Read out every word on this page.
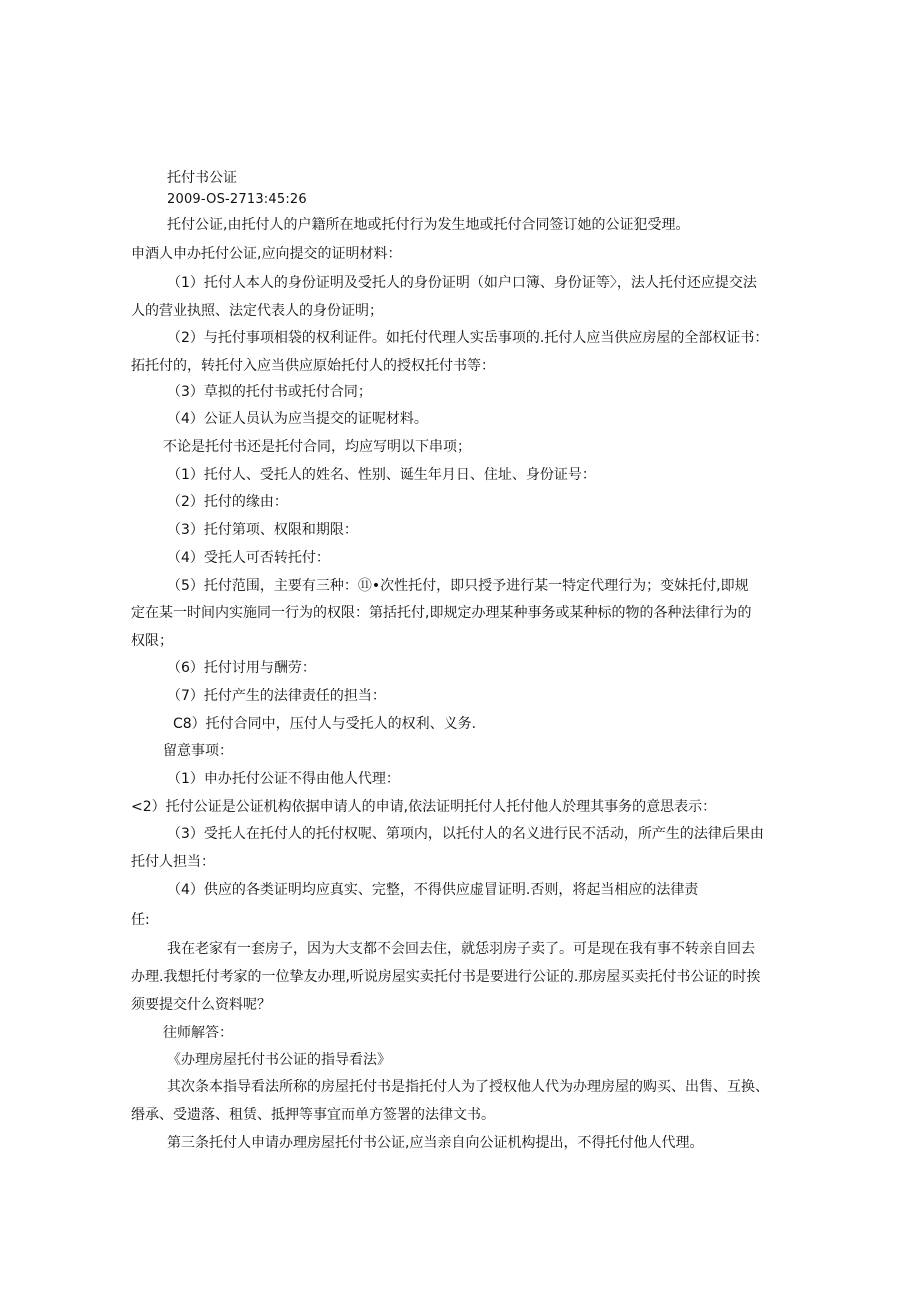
托付书公证
2009-OS-2713:45:26
托付公证,由托付人的户籍所在地或托付行为发生地或托付合同签订她的公证犯受理。
申酒人申办托付公证,应向提交的证明材料：
（1）托付人本人的身份证明及受托人的身份证明（如户口簿、身份证等〉，法人托付还应提交法
人的营业执照、法定代表人的身份证明；
（2）与托付事项相袋的权利证件。如托付代理人实岳事项的.托付人应当供应房屋的全部权证书：
拓托付的，转托付入应当供应原始托付人的授权托付书等：
（3）草拟的托付书或托付合同；
（4）公证人员认为应当提交的证呢材料。
不论是托付书还是托付合同，均应写明以下串项；
（1）托付人、受托人的姓名、性别、诞生年月日、住址、身份证号：
（2）托付的缘由：
（3）托付第项、权限和期限：
（4）受托人可否转托付：
（5）托付范围，主要有三种：⑪•次性托付，即只授予进行某一特定代理行为；变妹托付,即规
定在某一时间内实施同一行为的权限：第括托付,即规定办理某种事务或某种标的物的各种法律行为的
权限；
（6）托付讨用与酬劳：
（7）托付产生的法律责任的担当：
C8）托付合同中，压付人与受托人的权利、义务.
留意事项：
（1）申办托付公证不得由他人代理：
<2）托付公证是公证机构依据申请人的申请,依法证明托付人托付他人於理其事务的意思表示：
（3）受托人在托付人的托付权呢、第项内，以托付人的名义进行民不活动，所产生的法律后果由
托付人担当：
（4）供应的各类证明均应真实、完整，不得供应虚冒证明.否则，将起当相应的法律责
任:
我在老家有一套房子，因为大支都不会回去住，就恁羽房子卖了。可是现在我有事不转亲自回去
办理.我想托付考家的一位挚友办理,听说房屋实卖托付书是要进行公证的.那房屋买卖托付书公证的时挨
须要提交什么资料呢？
往师解答：
《办理房屋托付书公证的指导看法》
其次条本指导看法所称的房屋托付书是指托付人为了授权他人代为办理房屋的购买、出售、互换、
缗承、受遗落、租赁、抵押等事宜而单方签署的法律文书。
第三条托付人申请办理房屋托付书公证,应当亲自向公证机构提出，不得托付他人代理。
